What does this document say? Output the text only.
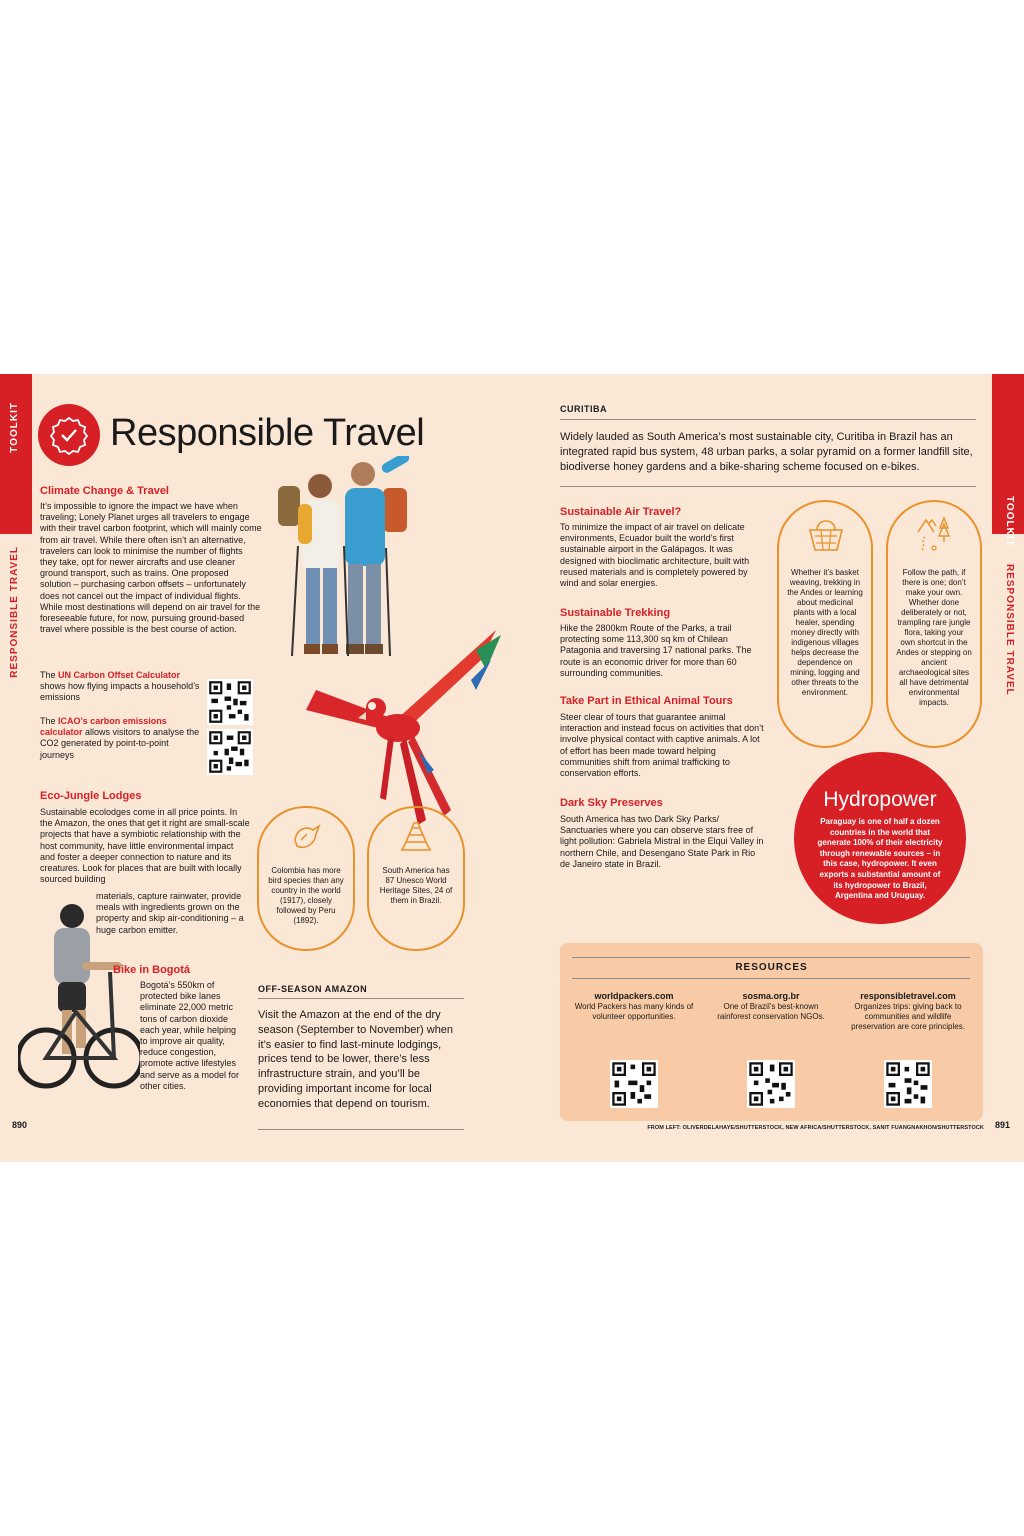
TOOLKIT
RESPONSIBLE TRAVEL
TOOLKIT
RESPONSIBLE TRAVEL
Responsible Travel
Climate Change & Travel
It’s impossible to ignore the impact we have when traveling; Lonely Planet urges all travelers to engage with their travel carbon footprint, which will mainly come from air travel. While there often isn’t an alternative, travelers can look to minimise the number of flights they take, opt for newer aircrafts and use cleaner ground transport, such as trains. One proposed solution – purchasing carbon offsets – unfortunately does not cancel out the impact of individual flights. While most destinations will depend on air travel for the foreseeable future, for now, pursuing ground-based travel where possible is the best course of action.
The UN Carbon Offset Calculator shows how flying impacts a household’s emissions
The ICAO’s carbon emissions calculator allows visitors to analyse the CO2 generated by point-to-point journeys
Eco-Jungle Lodges
Sustainable ecolodges come in all price points. In the Amazon, the ones that get it right are small-scale projects that have a symbiotic relationship with the host community, have little environmental impact and foster a deeper connection to nature and its creatures. Look for places that are built with locally sourced building
materials, capture rainwater, provide meals with ingredients grown on the property and skip air-conditioning – a huge carbon emitter.
Bike in Bogotá
Bogotá’s 550km of protected bike lanes eliminate 22,000 metric tons of carbon dioxide each year, while helping to improve air quality, reduce congestion, promote active lifestyles and serve as a model for other cities.
Colombia has more bird species than any country in the world (1917), closely followed by Peru (1892).
South America has 87 Unesco World Heritage Sites, 24 of them in Brazil.
OFF-SEASON AMAZON
Visit the Amazon at the end of the dry season (September to November) when it’s easier to find last-minute lodgings, prices tend to be lower, there’s less infrastructure strain, and you’ll be providing important income for local economies that depend on tourism.
890
CURITIBA
Widely lauded as South America’s most sustainable city, Curitiba in Brazil has an integrated rapid bus system, 48 urban parks, a solar pyramid on a former landfill site, biodiverse honey gardens and a bike-sharing scheme focused on e-bikes.
Sustainable Air Travel?
To minimize the impact of air travel on delicate environments, Ecuador built the world’s first sustainable airport in the Galápagos. It was designed with bioclimatic architecture, built with reused materials and is completely powered by wind and solar energies.
Sustainable Trekking
Hike the 2800km Route of the Parks, a trail protecting some 113,300 sq km of Chilean Patagonia and traversing 17 national parks. The route is an economic driver for more than 60 surrounding communities.
Take Part in Ethical Animal Tours
Steer clear of tours that guarantee animal interaction and instead focus on activities that don’t involve physical contact with captive animals. A lot of effort has been made toward helping communities shift from animal trafficking to conservation efforts.
Dark Sky Preserves
South America has two Dark Sky Parks/ Sanctuaries where you can observe stars free of light pollution: Gabriela Mistral in the Elqui Valley in northern Chile, and Desengano State Park in Rio de Janeiro state in Brazil.
Whether it’s basket weaving, trekking in the Andes or learning about medicinal plants with a local healer, spending money directly with indigenous villages helps decrease the dependence on mining, logging and other threats to the environment.
Follow the path, if there is one; don’t make your own. Whether done deliberately or not, trampling rare jungle flora, taking your own shortcut in the Andes or stepping on ancient archaeological sites all have detrimental environmental impacts.
Hydropower
Paraguay is one of half a dozen countries in the world that generate 100% of their electricity through renewable sources – in this case, hydropower. It even exports a substantial amount of its hydropower to Brazil, Argentina and Uruguay.
RESOURCES
worldpackers.com
World Packers has many kinds of volunteer opportunities.
sosma.org.br
One of Brazil’s best-known rainforest conservation NGOs.
responsibletravel.com
Organizes trips: giving back to communities and wildlife preservation are core principles.
FROM LEFT: OLIVERDELAHAYE/SHUTTERSTOCK, NEW AFRICA/SHUTTERSTOCK, SANIT FUANGNAKHON/SHUTTERSTOCK 891
